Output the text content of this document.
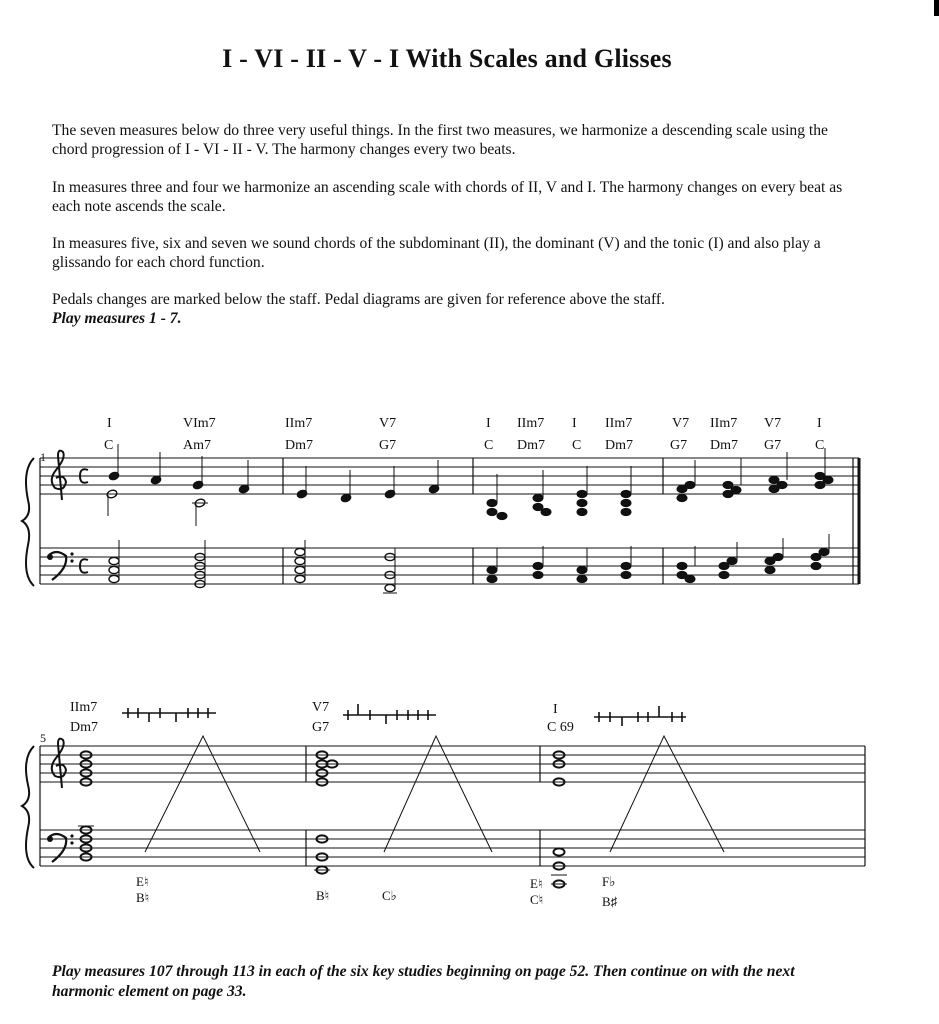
I - VI - II - V - I With Scales and Glisses

The seven measures below do three very useful things. In the first two measures, we harmonize a descending scale using the chord progression of I - VI - II - V. The harmony changes every two beats.

In measures three and four we harmonize an ascending scale with chords of II, V and I. The harmony changes on every beat as each note ascends the scale.

In measures five, six and seven we sound chords of the subdominant (II), the dominant (V) and the tonic (I) and also play a glissando for each chord function.

Pedals changes are marked below the staff. Pedal diagrams are given for reference above the staff.
Play measures 1 - 7.
I
C
VIm7
Am7
IIm7
Dm7
V7
G7
I
C
IIm7
Dm7
I
C
IIm7
Dm7
V7
G7
IIm7
Dm7
V7
G7
I
C
1
IIm7
Dm7
V7
G7
I
C 69
5
E♮
B♮	B♮	C♭
E♮
C♮
F♭
B♯

Play measures 107 through 113 in each of the six key studies beginning on page 52. Then continue on with the next harmonic element on page 33.
